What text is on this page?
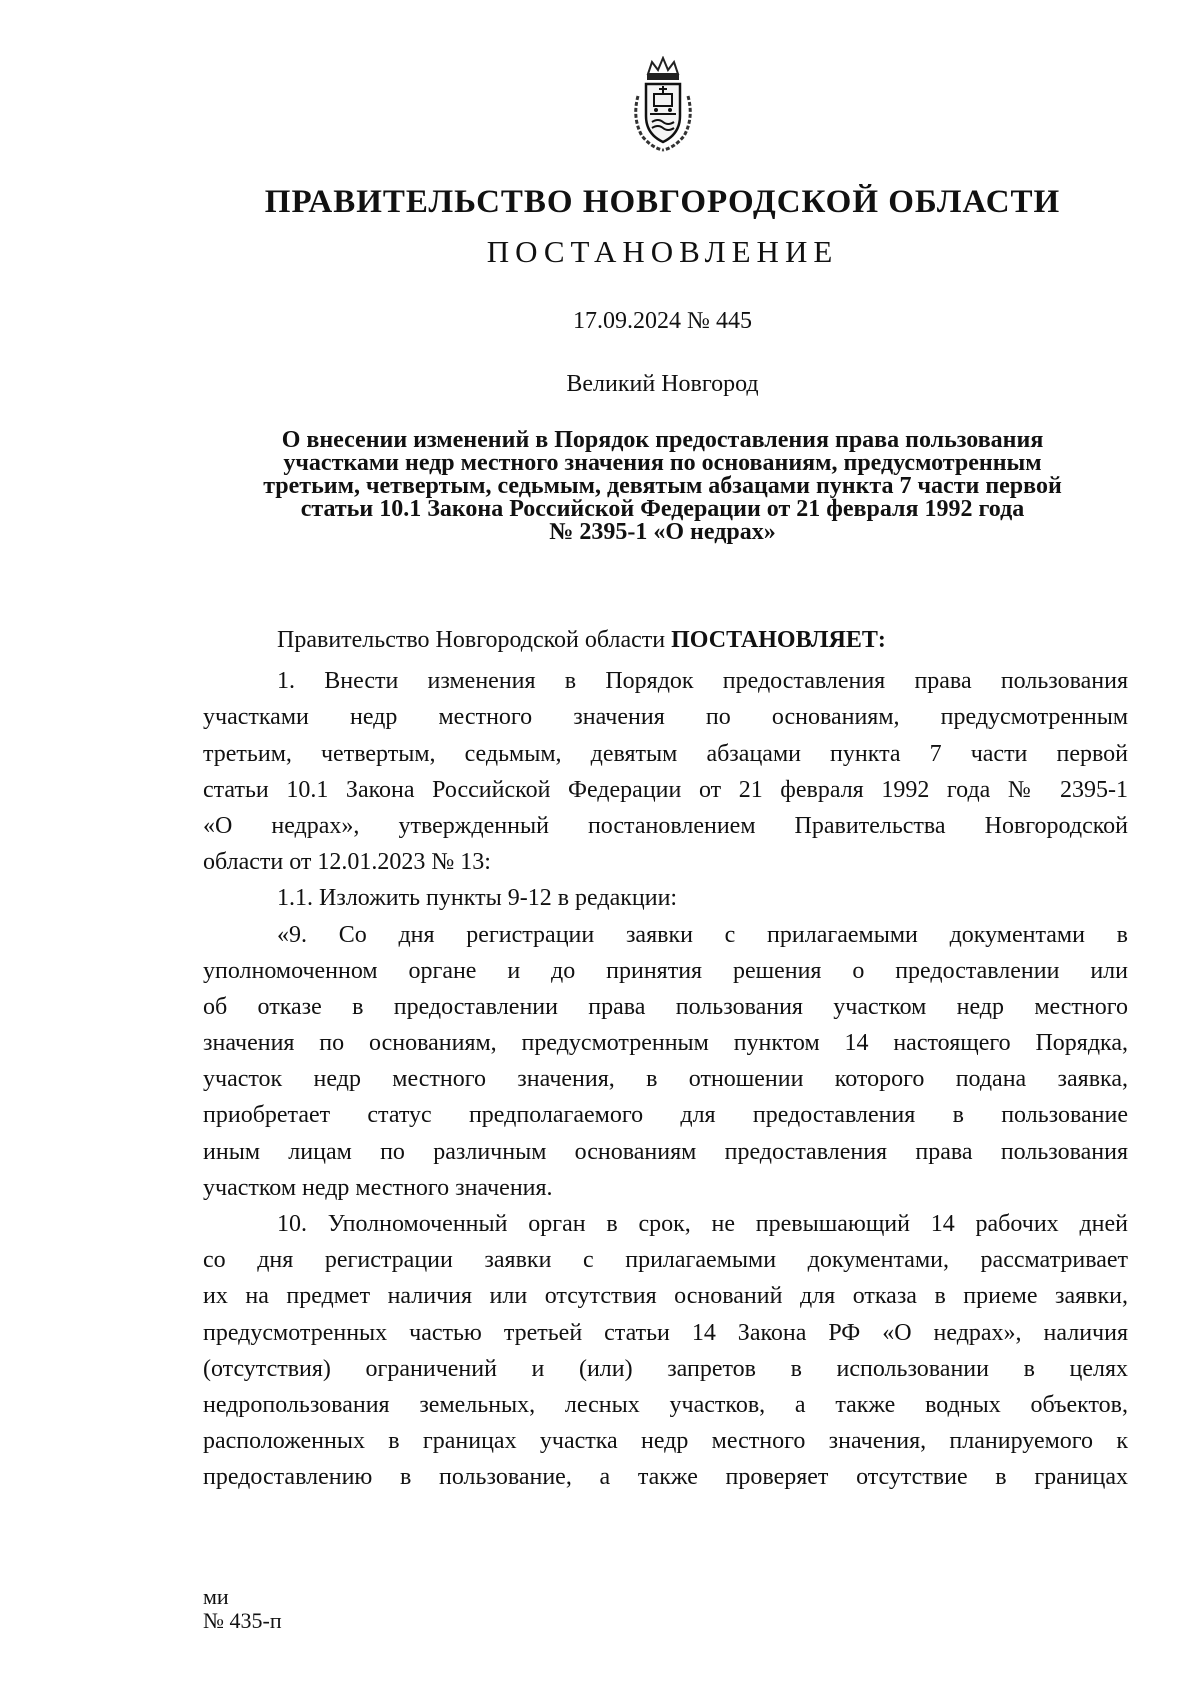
ПРАВИТЕЛЬСТВО НОВГОРОДСКОЙ ОБЛАСТИ
ПОСТАНОВЛЕНИЕ
17.09.2024 № 445
Великий Новгород
О внесении изменений в Порядок предоставления права пользования
участками недр местного значения по основаниям, предусмотренным
третьим, четвертым, седьмым, девятым абзацами пункта 7 части первой
статьи 10.1 Закона Российской Федерации от 21 февраля 1992 года
№ 2395-1 «О недрах»
Правительство Новгородской области ПОСТАНОВЛЯЕТ:
1. Внести изменения в Порядок предоставления права пользования
участками недр местного значения по основаниям, предусмотренным
третьим, четвертым, седьмым, девятым абзацами пункта 7 части первой
статьи 10.1 Закона Российской Федерации от 21 февраля 1992 года № 2395-1
«О недрах», утвержденный постановлением Правительства Новгородской
области от 12.01.2023 № 13:
1.1. Изложить пункты 9-12 в редакции:
«9. Со дня регистрации заявки с прилагаемыми документами в
уполномоченном органе и до принятия решения о предоставлении или
об отказе в предоставлении права пользования участком недр местного
значения по основаниям, предусмотренным пунктом 14 настоящего Порядка,
участок недр местного значения, в отношении которого подана заявка,
приобретает статус предполагаемого для предоставления в пользование
иным лицам по различным основаниям предоставления права пользования
участком недр местного значения.
10. Уполномоченный орган в срок, не превышающий 14 рабочих дней
со дня регистрации заявки с прилагаемыми документами, рассматривает
их на предмет наличия или отсутствия оснований для отказа в приеме заявки,
предусмотренных частью третьей статьи 14 Закона РФ «О недрах», наличия
(отсутствия) ограничений и (или) запретов в использовании в целях
недропользования земельных, лесных участков, а также водных объектов,
расположенных в границах участка недр местного значения, планируемого к
предоставлению в пользование, а также проверяет отсутствие в границах
ми
№ 435-п
